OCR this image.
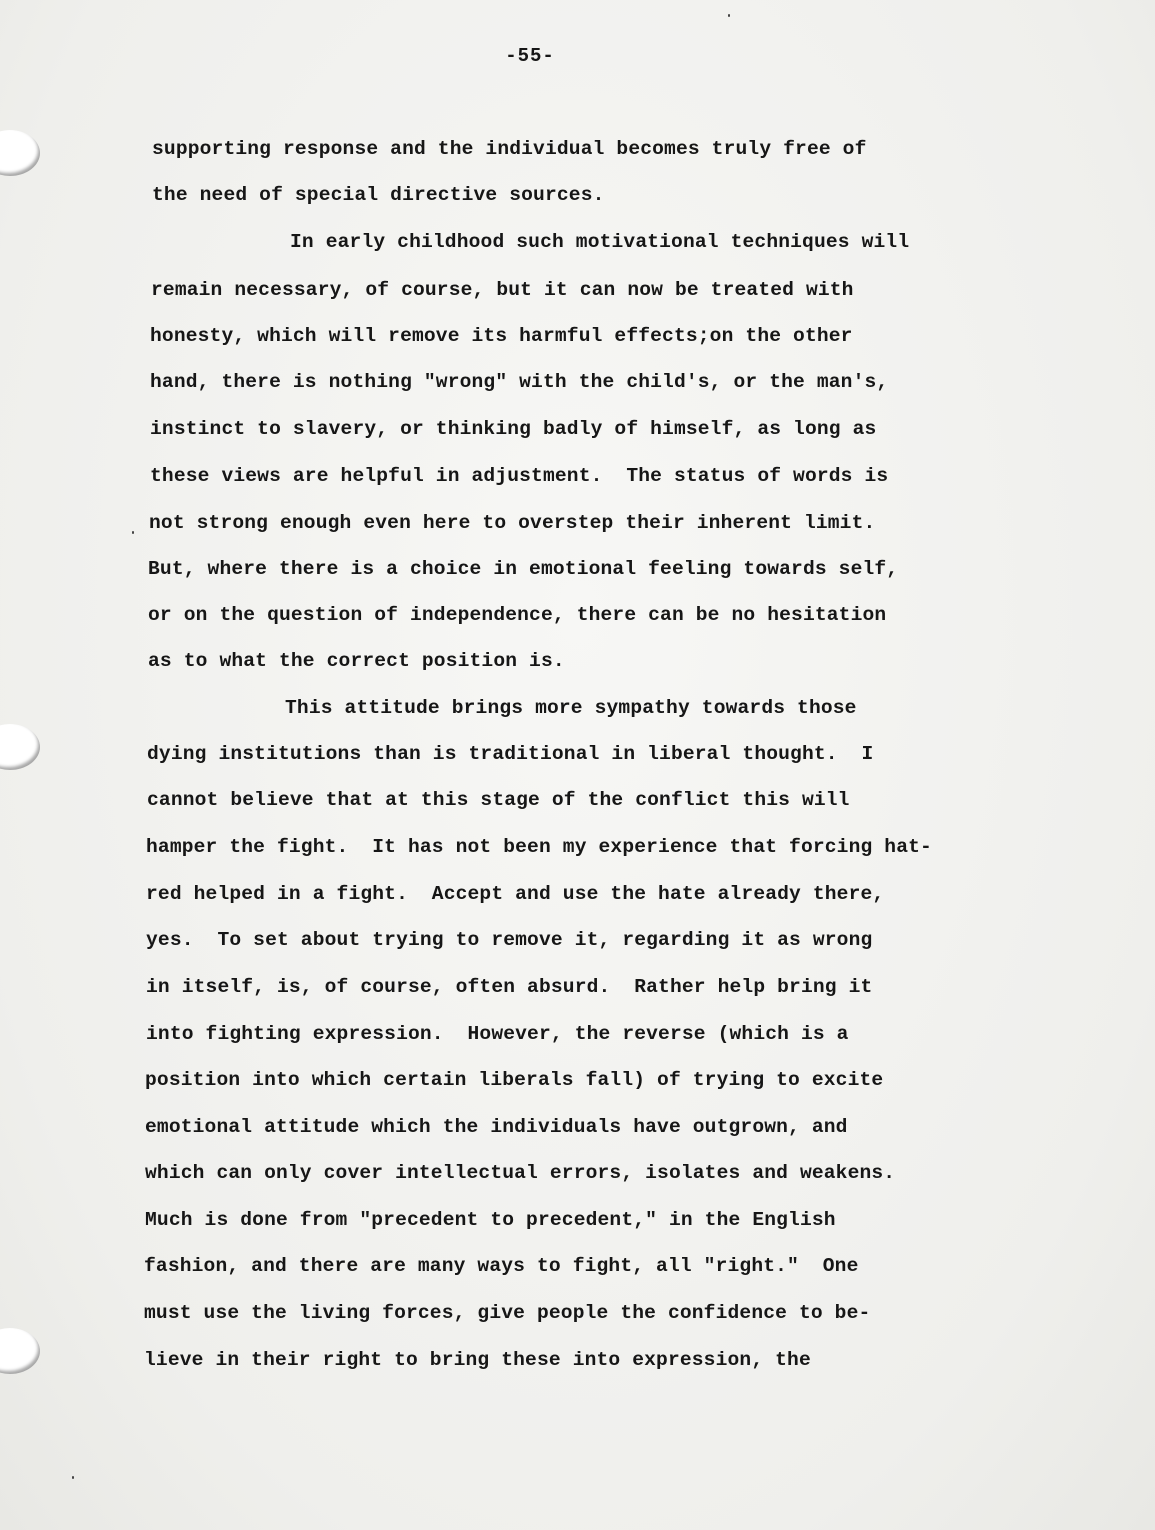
-55-
supporting response and the individual becomes truly free of
the need of special directive sources.
In early childhood such motivational techniques will
remain necessary, of course, but it can now be treated with
honesty, which will remove its harmful effects;on the other
hand, there is nothing "wrong" with the child's, or the man's,
instinct to slavery, or thinking badly of himself, as long as
these views are helpful in adjustment.  The status of words is
not strong enough even here to overstep their inherent limit.
But, where there is a choice in emotional feeling towards self,
or on the question of independence, there can be no hesitation
as to what the correct position is.
This attitude brings more sympathy towards those
dying institutions than is traditional in liberal thought.  I
cannot believe that at this stage of the conflict this will
hamper the fight.  It has not been my experience that forcing hat-
red helped in a fight.  Accept and use the hate already there,
yes.  To set about trying to remove it, regarding it as wrong
in itself, is, of course, often absurd.  Rather help bring it
into fighting expression.  However, the reverse (which is a
position into which certain liberals fall) of trying to excite
emotional attitude which the individuals have outgrown, and
which can only cover intellectual errors, isolates and weakens.
Much is done from "precedent to precedent," in the English
fashion, and there are many ways to fight, all "right."  One
must use the living forces, give people the confidence to be-
lieve in their right to bring these into expression, the
